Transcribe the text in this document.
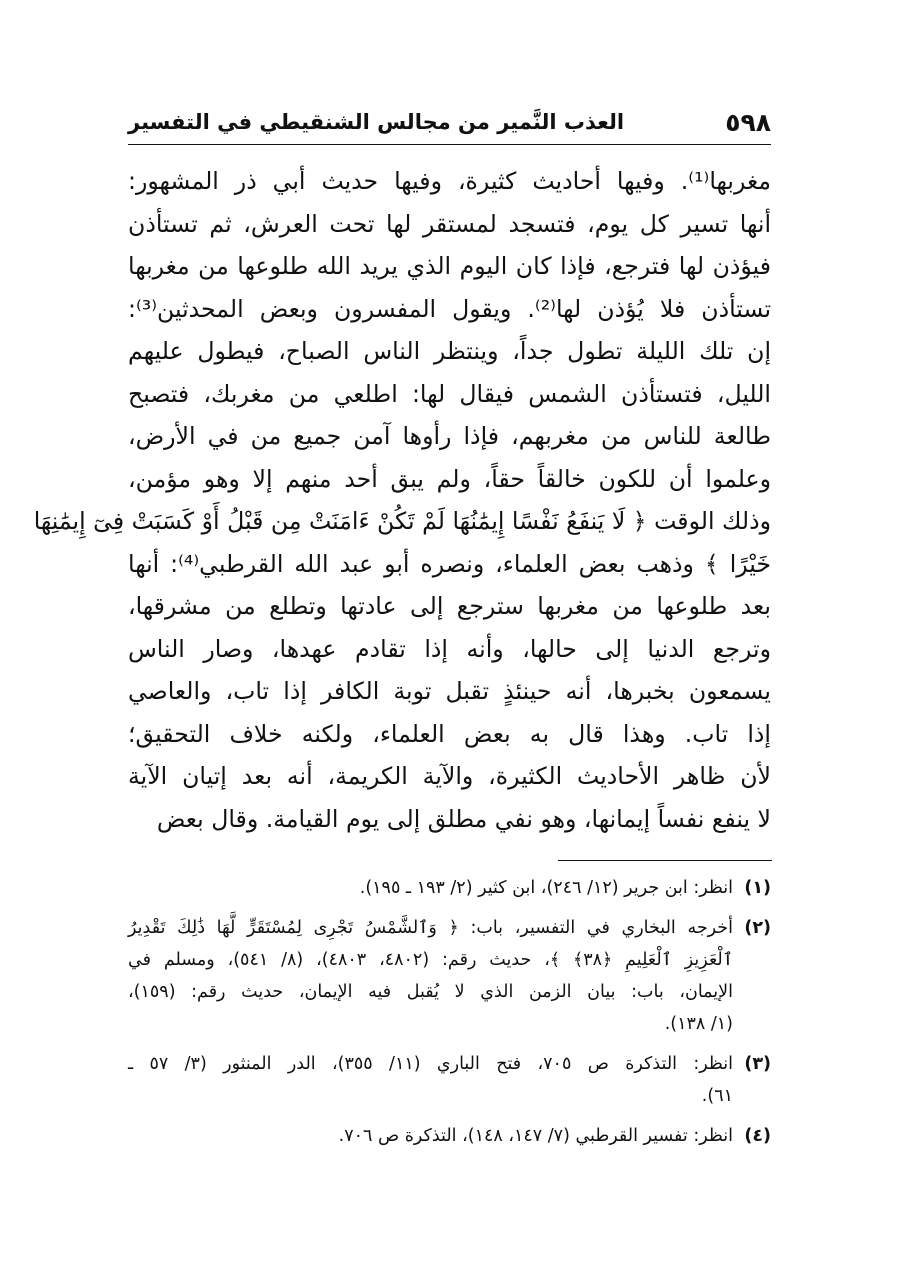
٥٩٨
العذب النَّمير من مجالس الشنقيطي في التفسير
مغربها⁽¹⁾. وفيها أحاديث كثيرة، وفيها حديث أبي ذر المشهور:
أنها تسير كل يوم، فتسجد لمستقر لها تحت العرش، ثم تستأذن
فيؤذن لها فترجع، فإذا كان اليوم الذي يريد الله طلوعها من مغربها
تستأذن فلا يُؤذن لها⁽²⁾. ويقول المفسرون وبعض المحدثين⁽³⁾:
إن تلك الليلة تطول جداً، وينتظر الناس الصباح، فيطول عليهم
الليل، فتستأذن الشمس فيقال لها: اطلعي من مغربك، فتصبح
طالعة للناس من مغربهم، فإذا رأوها آمن جميع من في الأرض،
وعلموا أن للكون خالقاً حقاً، ولم يبق أحد منهم إلا وهو مؤمن،
وذلك الوقت ﴿ لَا يَنفَعُ نَفْسًا إِيمَٰنُهَا لَمْ تَكُنْ ءَامَنَتْ مِن قَبْلُ أَوْ كَسَبَتْ فِىٓ إِيمَٰنِهَا
خَيْرًا ﴾ وذهب بعض العلماء، ونصره أبو عبد الله القرطبي⁽⁴⁾: أنها
بعد طلوعها من مغربها سترجع إلى عادتها وتطلع من مشرقها،
وترجع الدنيا إلى حالها، وأنه إذا تقادم عهدها، وصار الناس
يسمعون بخبرها، أنه حينئذٍ تقبل توبة الكافر إذا تاب، والعاصي
إذا تاب. وهذا قال به بعض العلماء، ولكنه خلاف التحقيق؛
لأن ظاهر الأحاديث الكثيرة، والآية الكريمة، أنه بعد إتيان الآية
لا ينفع نفساً إيمانها، وهو نفي مطلق إلى يوم القيامة. وقال بعض
(١)
انظر: ابن جرير (١٢/ ٢٤٦)، ابن كثير (٢/ ١٩٣ ـ ١٩٥).
(٢)
أخرجه البخاري في التفسير، باب: ﴿ وَٱلشَّمْسُ تَجْرِى لِمُسْتَقَرٍّ لَّهَا ذَٰلِكَ تَقْدِيرُ
ٱلْعَزِيزِ ٱلْعَلِيمِ ﴿٣٨﴾ ﴾، حديث رقم: (٤٨٠٢، ٤٨٠٣)، (٨/ ٥٤١)، ومسلم في
الإيمان، باب: بيان الزمن الذي لا يُقبل فيه الإيمان، حديث رقم: (١٥٩)،
(١/ ١٣٨).
(٣)
انظر: التذكرة ص ٧٠٥، فتح الباري (١١/ ٣٥٥)، الدر المنثور (٣/ ٥٧ ـ
٦١).
(٤)
انظر: تفسير القرطبي (٧/ ١٤٧، ١٤٨)، التذكرة ص ٧٠٦.
